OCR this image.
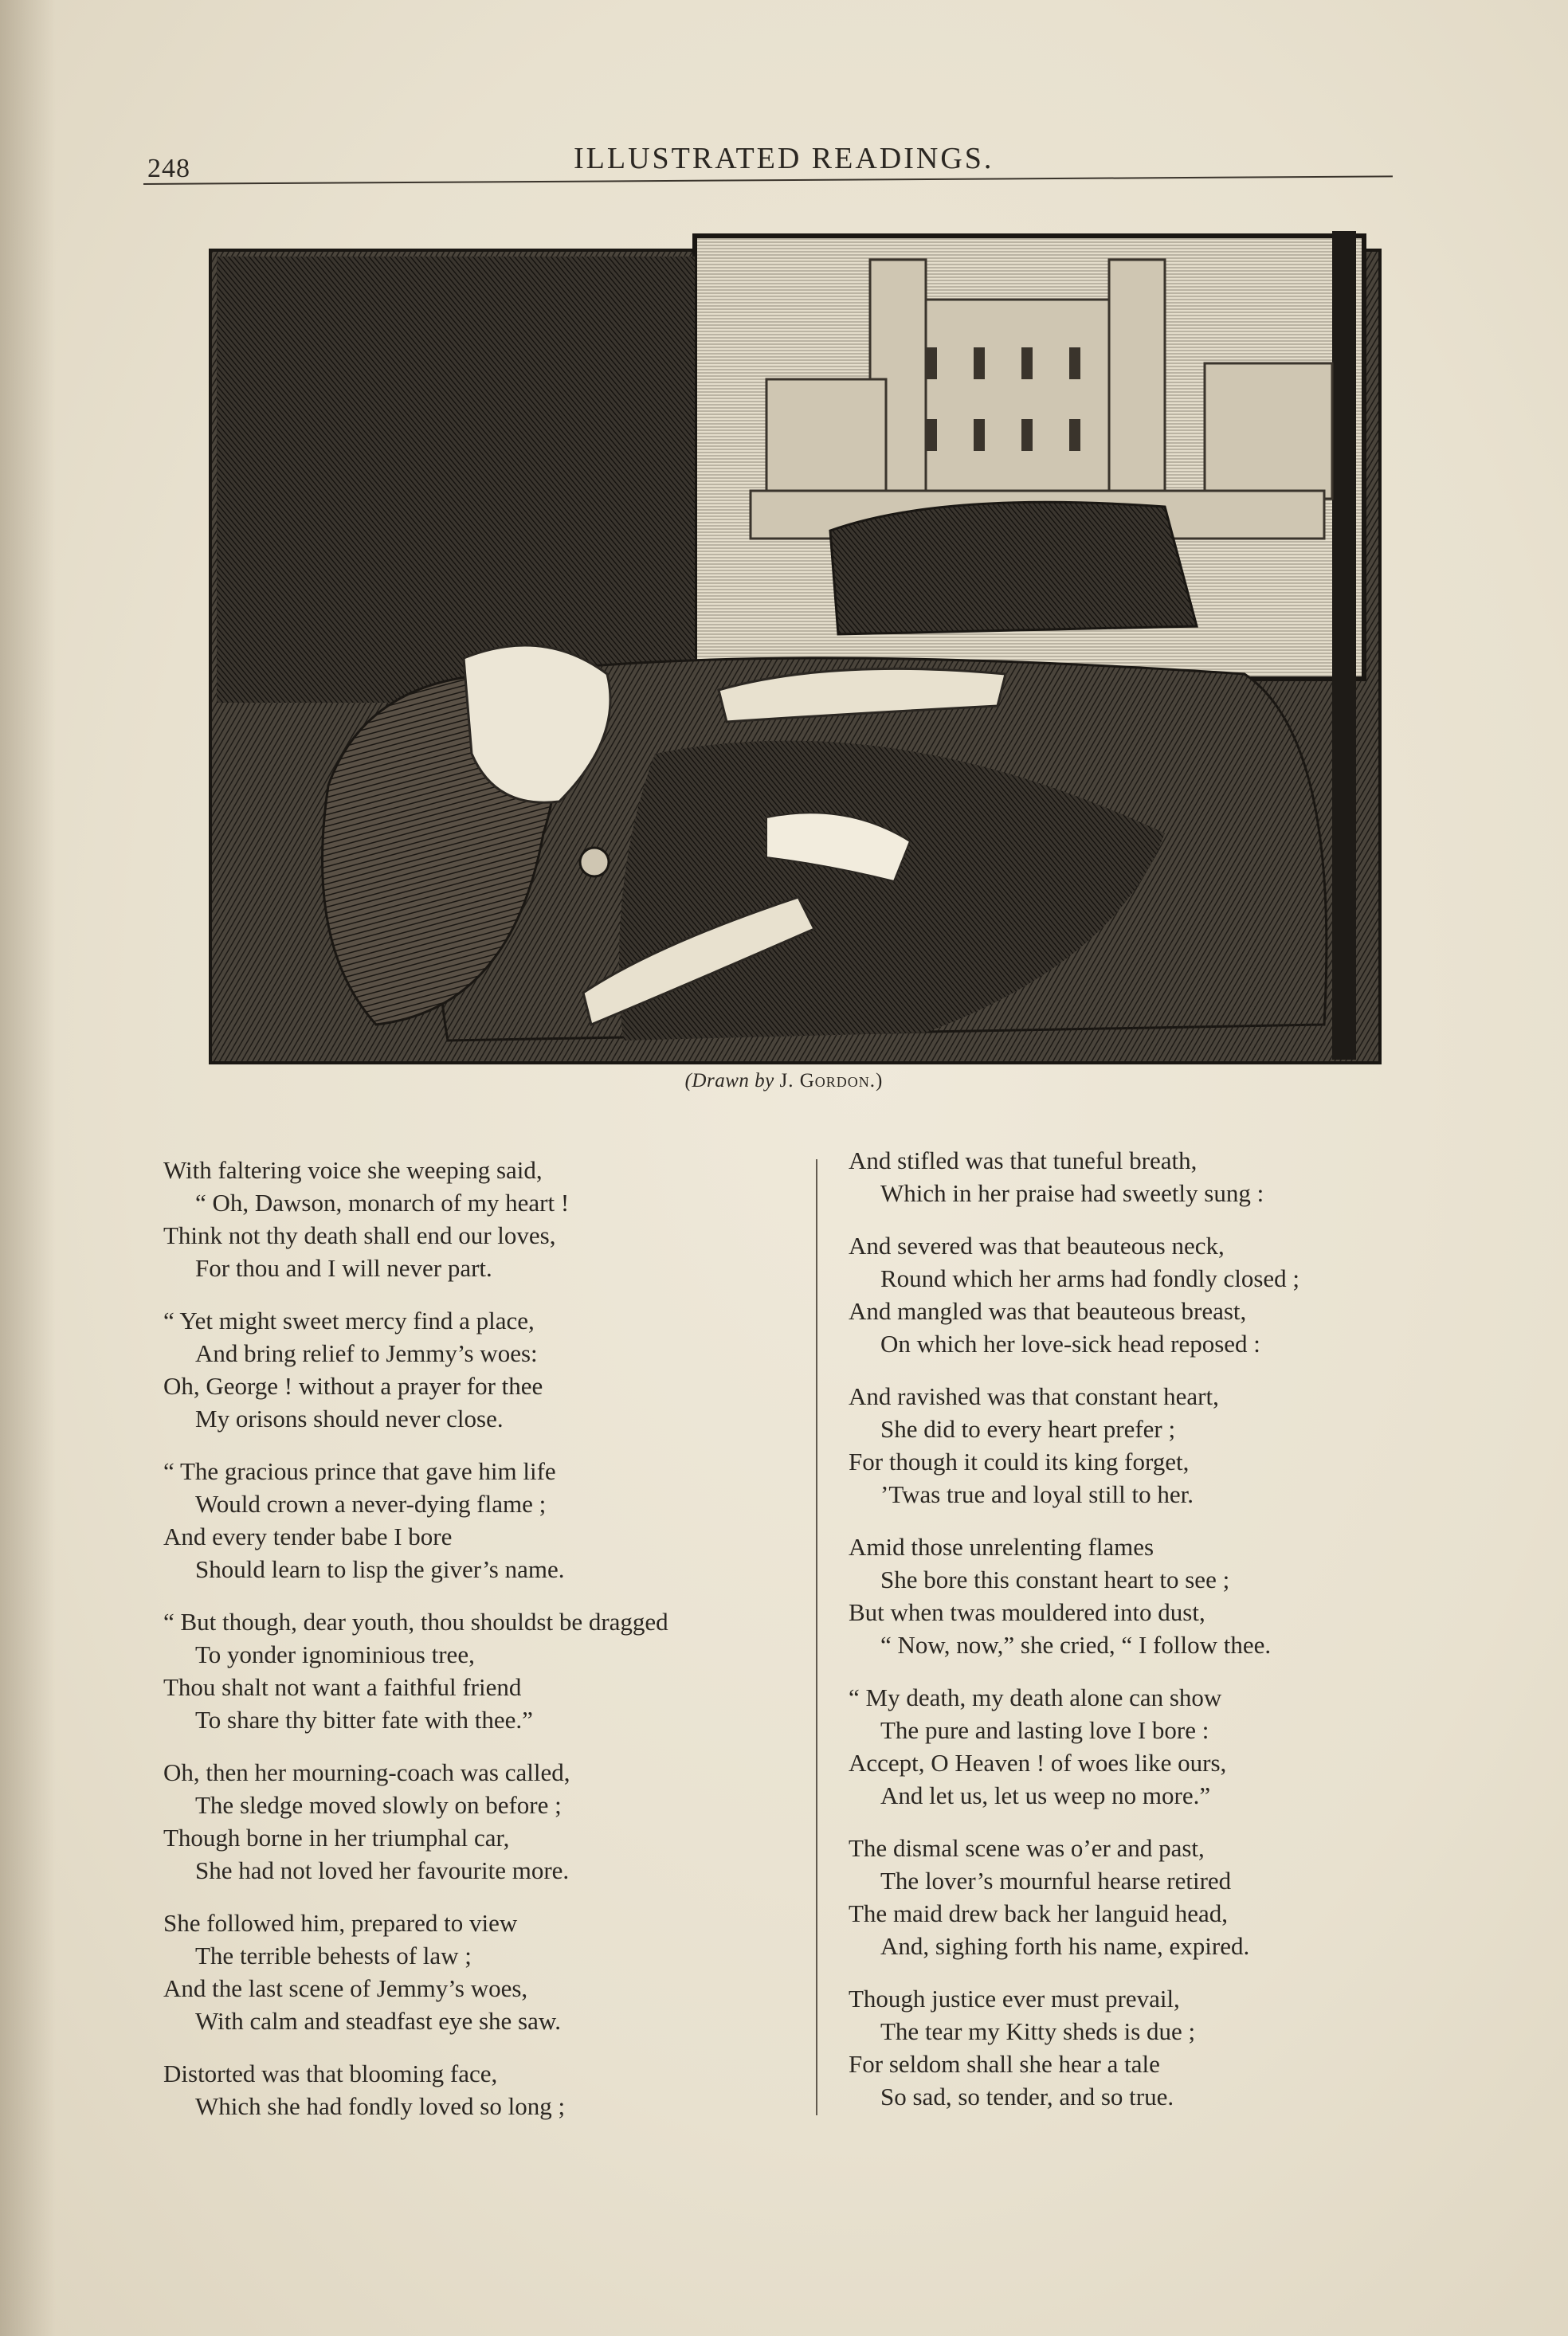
248	ILLUSTRATED READINGS.
(Drawn by J. Gordon.)
With faltering voice she weeping said,
“ Oh, Dawson, monarch of my heart !
Think not thy death shall end our loves,
For thou and I will never part.
“ Yet might sweet mercy find a place,
And bring relief to Jemmy’s woes:
Oh, George ! without a prayer for thee
My orisons should never close.
“ The gracious prince that gave him life
Would crown a never-dying flame ;
And every tender babe I bore
Should learn to lisp the giver’s name.
“ But though, dear youth, thou shouldst be dragged
To yonder ignominious tree,
Thou shalt not want a faithful friend
To share thy bitter fate with thee.”
Oh, then her mourning-coach was called,
The sledge moved slowly on before ;
Though borne in her triumphal car,
She had not loved her favourite more.
She followed him, prepared to view
The terrible behests of law ;
And the last scene of Jemmy’s woes,
With calm and steadfast eye she saw.
Distorted was that blooming face,
Which she had fondly loved so long ;
And stifled was that tuneful breath,
Which in her praise had sweetly sung :
And severed was that beauteous neck,
Round which her arms had fondly closed ;
And mangled was that beauteous breast,
On which her love-sick head reposed :
And ravished was that constant heart,
She did to every heart prefer ;
For though it could its king forget,
’Twas true and loyal still to her.
Amid those unrelenting flames
She bore this constant heart to see ;
But when twas mouldered into dust,
“ Now, now,” she cried, “ I follow thee.
“ My death, my death alone can show
The pure and lasting love I bore :
Accept, O Heaven ! of woes like ours,
And let us, let us weep no more.”
The dismal scene was o’er and past,
The lover’s mournful hearse retired
The maid drew back her languid head,
And, sighing forth his name, expired.
Though justice ever must prevail,
The tear my Kitty sheds is due ;
For seldom shall she hear a tale
So sad, so tender, and so true.
